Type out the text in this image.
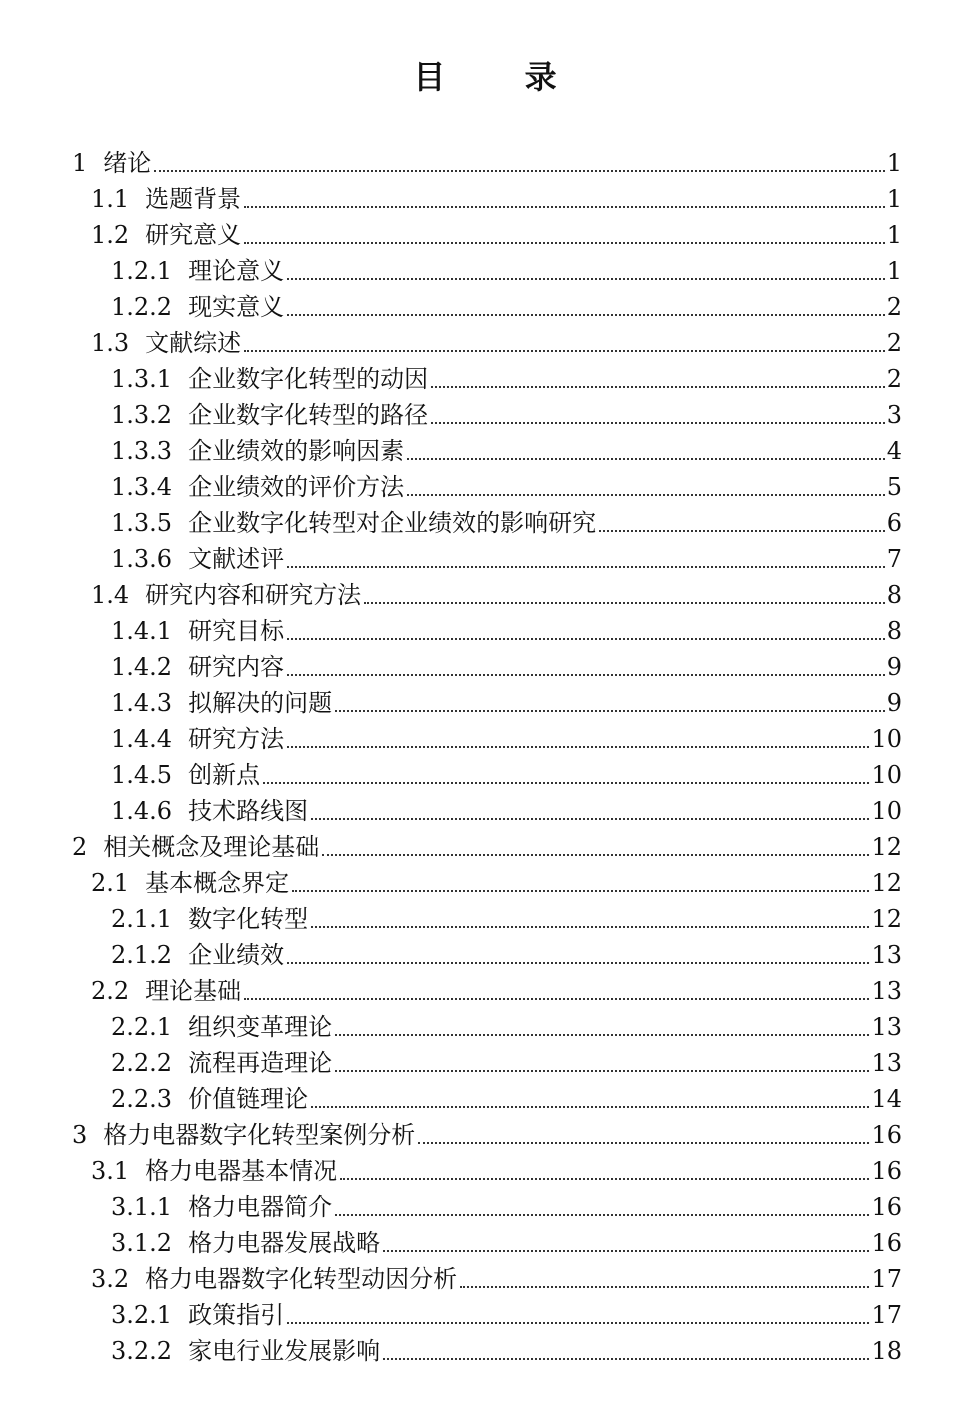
目 录
1 绪论	1
1.1 选题背景	1
1.2 研究意义	1
1.2.1 理论意义	1
1.2.2 现实意义	2
1.3 文献综述	2
1.3.1 企业数字化转型的动因	2
1.3.2 企业数字化转型的路径	3
1.3.3 企业绩效的影响因素	4
1.3.4 企业绩效的评价方法	5
1.3.5 企业数字化转型对企业绩效的影响研究	6
1.3.6 文献述评	7
1.4 研究内容和研究方法	8
1.4.1 研究目标	8
1.4.2 研究内容	9
1.4.3 拟解决的问题	9
1.4.4 研究方法	10
1.4.5 创新点	10
1.4.6 技术路线图	10
2 相关概念及理论基础	12
2.1 基本概念界定	12
2.1.1 数字化转型	12
2.1.2 企业绩效	13
2.2 理论基础	13
2.2.1 组织变革理论	13
2.2.2 流程再造理论	13
2.2.3 价值链理论	14
3 格力电器数字化转型案例分析	16
3.1 格力电器基本情况	16
3.1.1 格力电器简介	16
3.1.2 格力电器发展战略	16
3.2 格力电器数字化转型动因分析	17
3.2.1 政策指引	17
3.2.2 家电行业发展影响	18
